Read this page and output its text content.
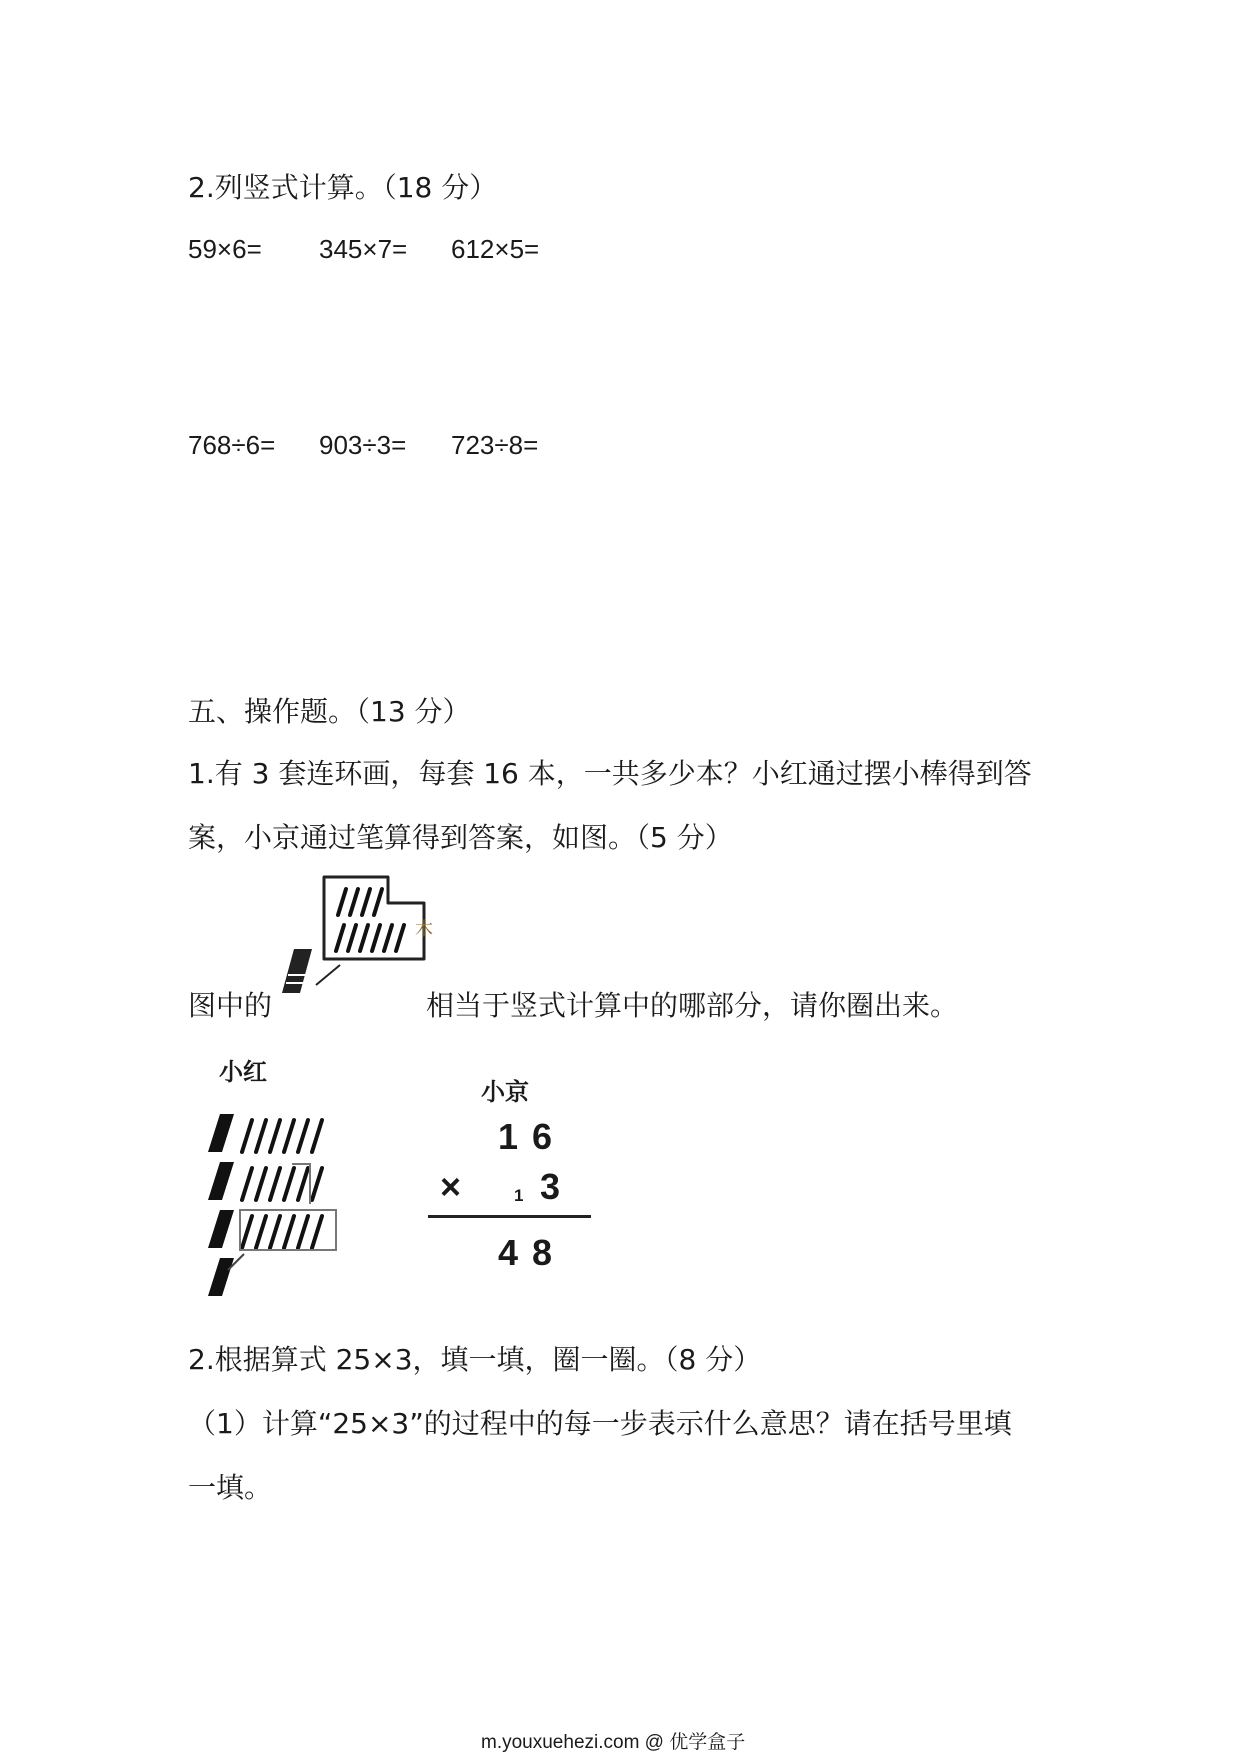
2.列竖式计算。（18 分）
59×6= 345×7= 612×5=
768÷6= 903÷3= 723÷8=
五、操作题。（13 分）
1.有 3 套连环画，每套 16 本，一共多少本？小红通过摆小棒得到答
案，小京通过笔算得到答案，如图。（5 分）
木
图中的	相当于竖式计算中的哪部分，请你圈出来。
小红
小京
1 6
×	1 3
4 8
2.根据算式 25×3，填一填，圈一圈。（8 分）
（1）计算“25×3”的过程中的每一步表示什么意思？请在括号里填
一填。
m.youxuehezi.com @ 优学盒子
